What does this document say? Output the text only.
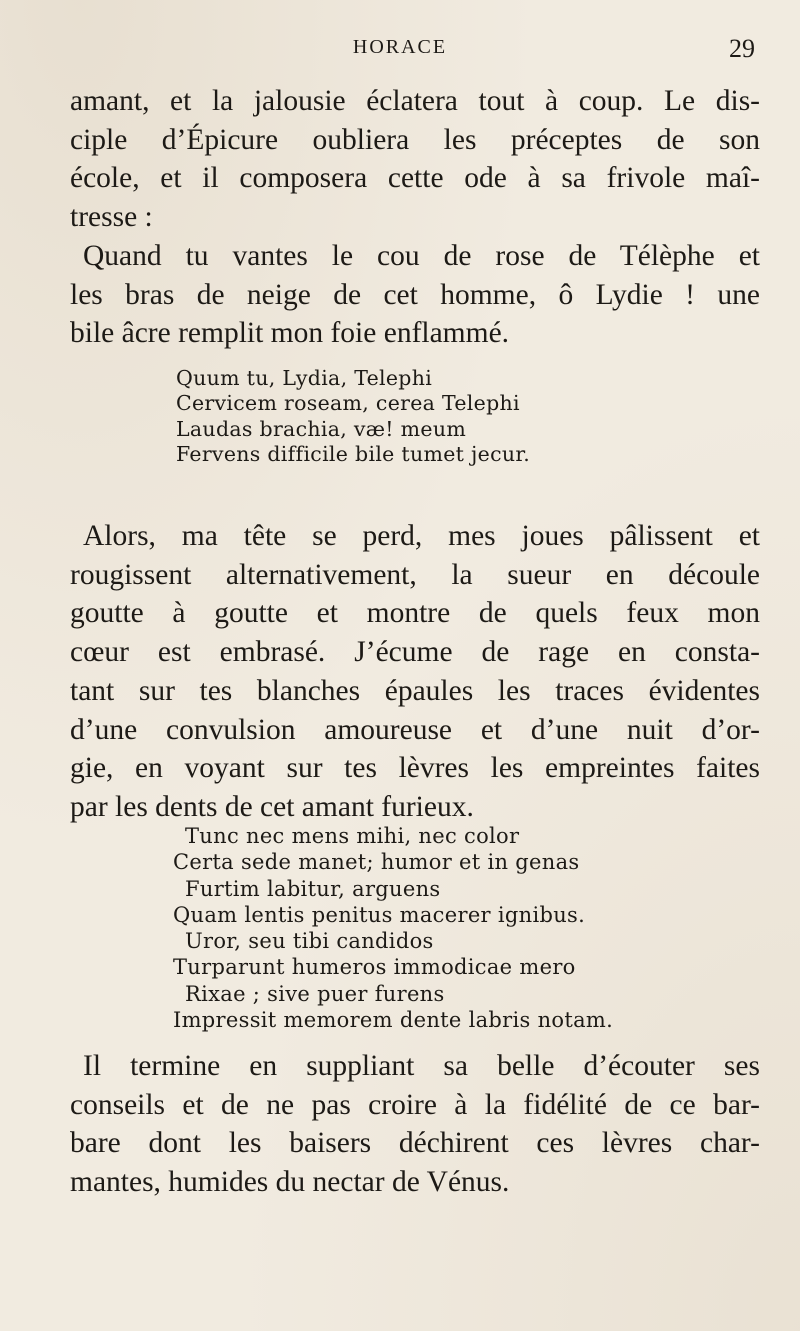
HORACE	29

amant, et la jalousie éclatera tout à coup. Le dis-
ciple d’Épicure oubliera les préceptes de son
école, et il composera cette ode à sa frivole maî-
tresse :

Quand tu vantes le cou de rose de Télèphe et
les bras de neige de cet homme, ô Lydie ! une
bile âcre remplit mon foie enflammé.

Quum tu, Lydia, Telephi
Cervicem roseam, cerea Telephi
Laudas brachia, væ! meum
Fervens difficile bile tumet jecur.

Alors, ma tête se perd, mes joues pâlissent et
rougissent alternativement, la sueur en découle
goutte à goutte et montre de quels feux mon
cœur est embrasé. J’écume de rage en consta-
tant sur tes blanches épaules les traces évidentes
d’une convulsion amoureuse et d’une nuit d’or-
gie, en voyant sur tes lèvres les empreintes faites
par les dents de cet amant furieux.

Tunc nec mens mihi, nec color
Certa sede manet; humor et in genas
Furtim labitur, arguens
Quam lentis penitus macerer ignibus.
Uror, seu tibi candidos
Turparunt humeros immodicae mero
Rixae ; sive puer furens
Impressit memorem dente labris notam.

Il termine en suppliant sa belle d’écouter ses
conseils et de ne pas croire à la fidélité de ce bar-
bare dont les baisers déchirent ces lèvres char-
mantes, humides du nectar de Vénus.
